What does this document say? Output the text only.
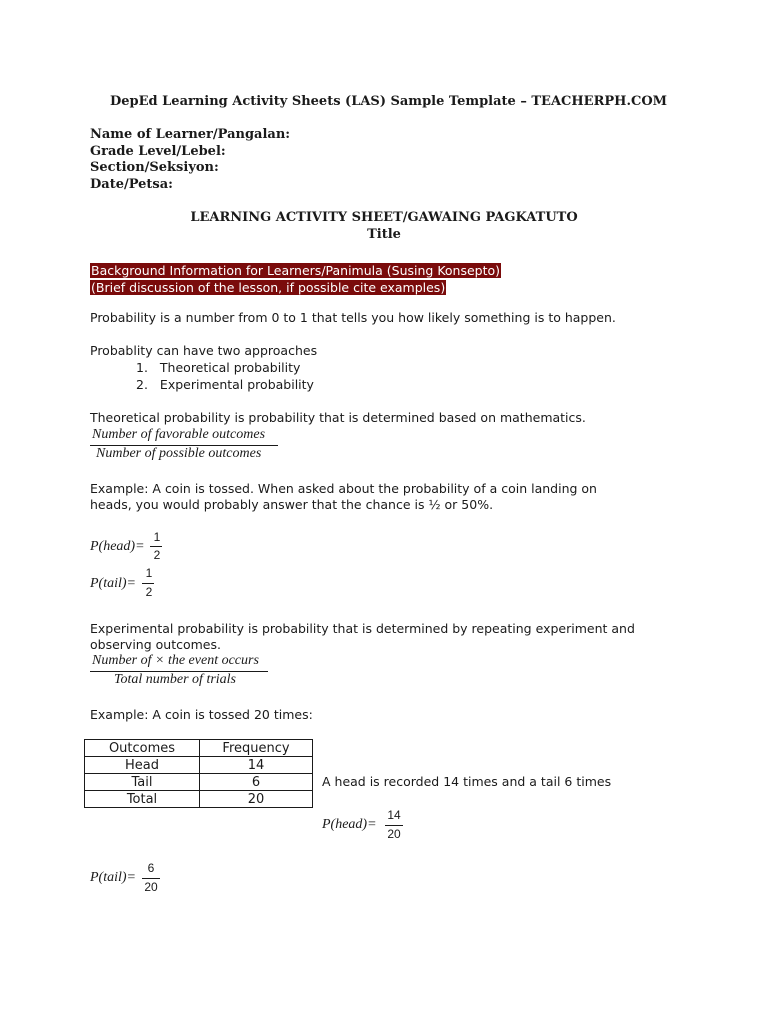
DepEd Learning Activity Sheets (LAS) Sample Template – TEACHERPH.COM
Name of Learner/Pangalan:
Grade Level/Lebel:
Section/Seksiyon:
Date/Petsa:
LEARNING ACTIVITY SHEET/GAWAING PAGKATUTO
Title
Background Information for Learners/Panimula (Susing Konsepto)
(Brief discussion of the lesson, if possible cite examples)
Probability is a number from 0 to 1 that tells you how likely something is to happen.
Probablity can have two approaches
1. Theoretical probability
2. Experimental probability
Theoretical probability is probability that is determined based on mathematics.
Number of favorable outcomes
Number of possible outcomes
Example: A coin is tossed. When asked about the probability of a coin landing on
heads, you would probably answer that the chance is ½ or 50%.
P(head)=
1
2
P(tail)=
1
2
Experimental probability is probability that is determined by repeating experiment and
observing outcomes.
Number of × the event occurs
Total number of trials
Example: A coin is tossed 20 times:
Outcomes	Frequency
Head	14
Tail	6
Total	20
A head is recorded 14 times and a tail 6 times
P(head)=
14
20
P(tail)=
6
20
